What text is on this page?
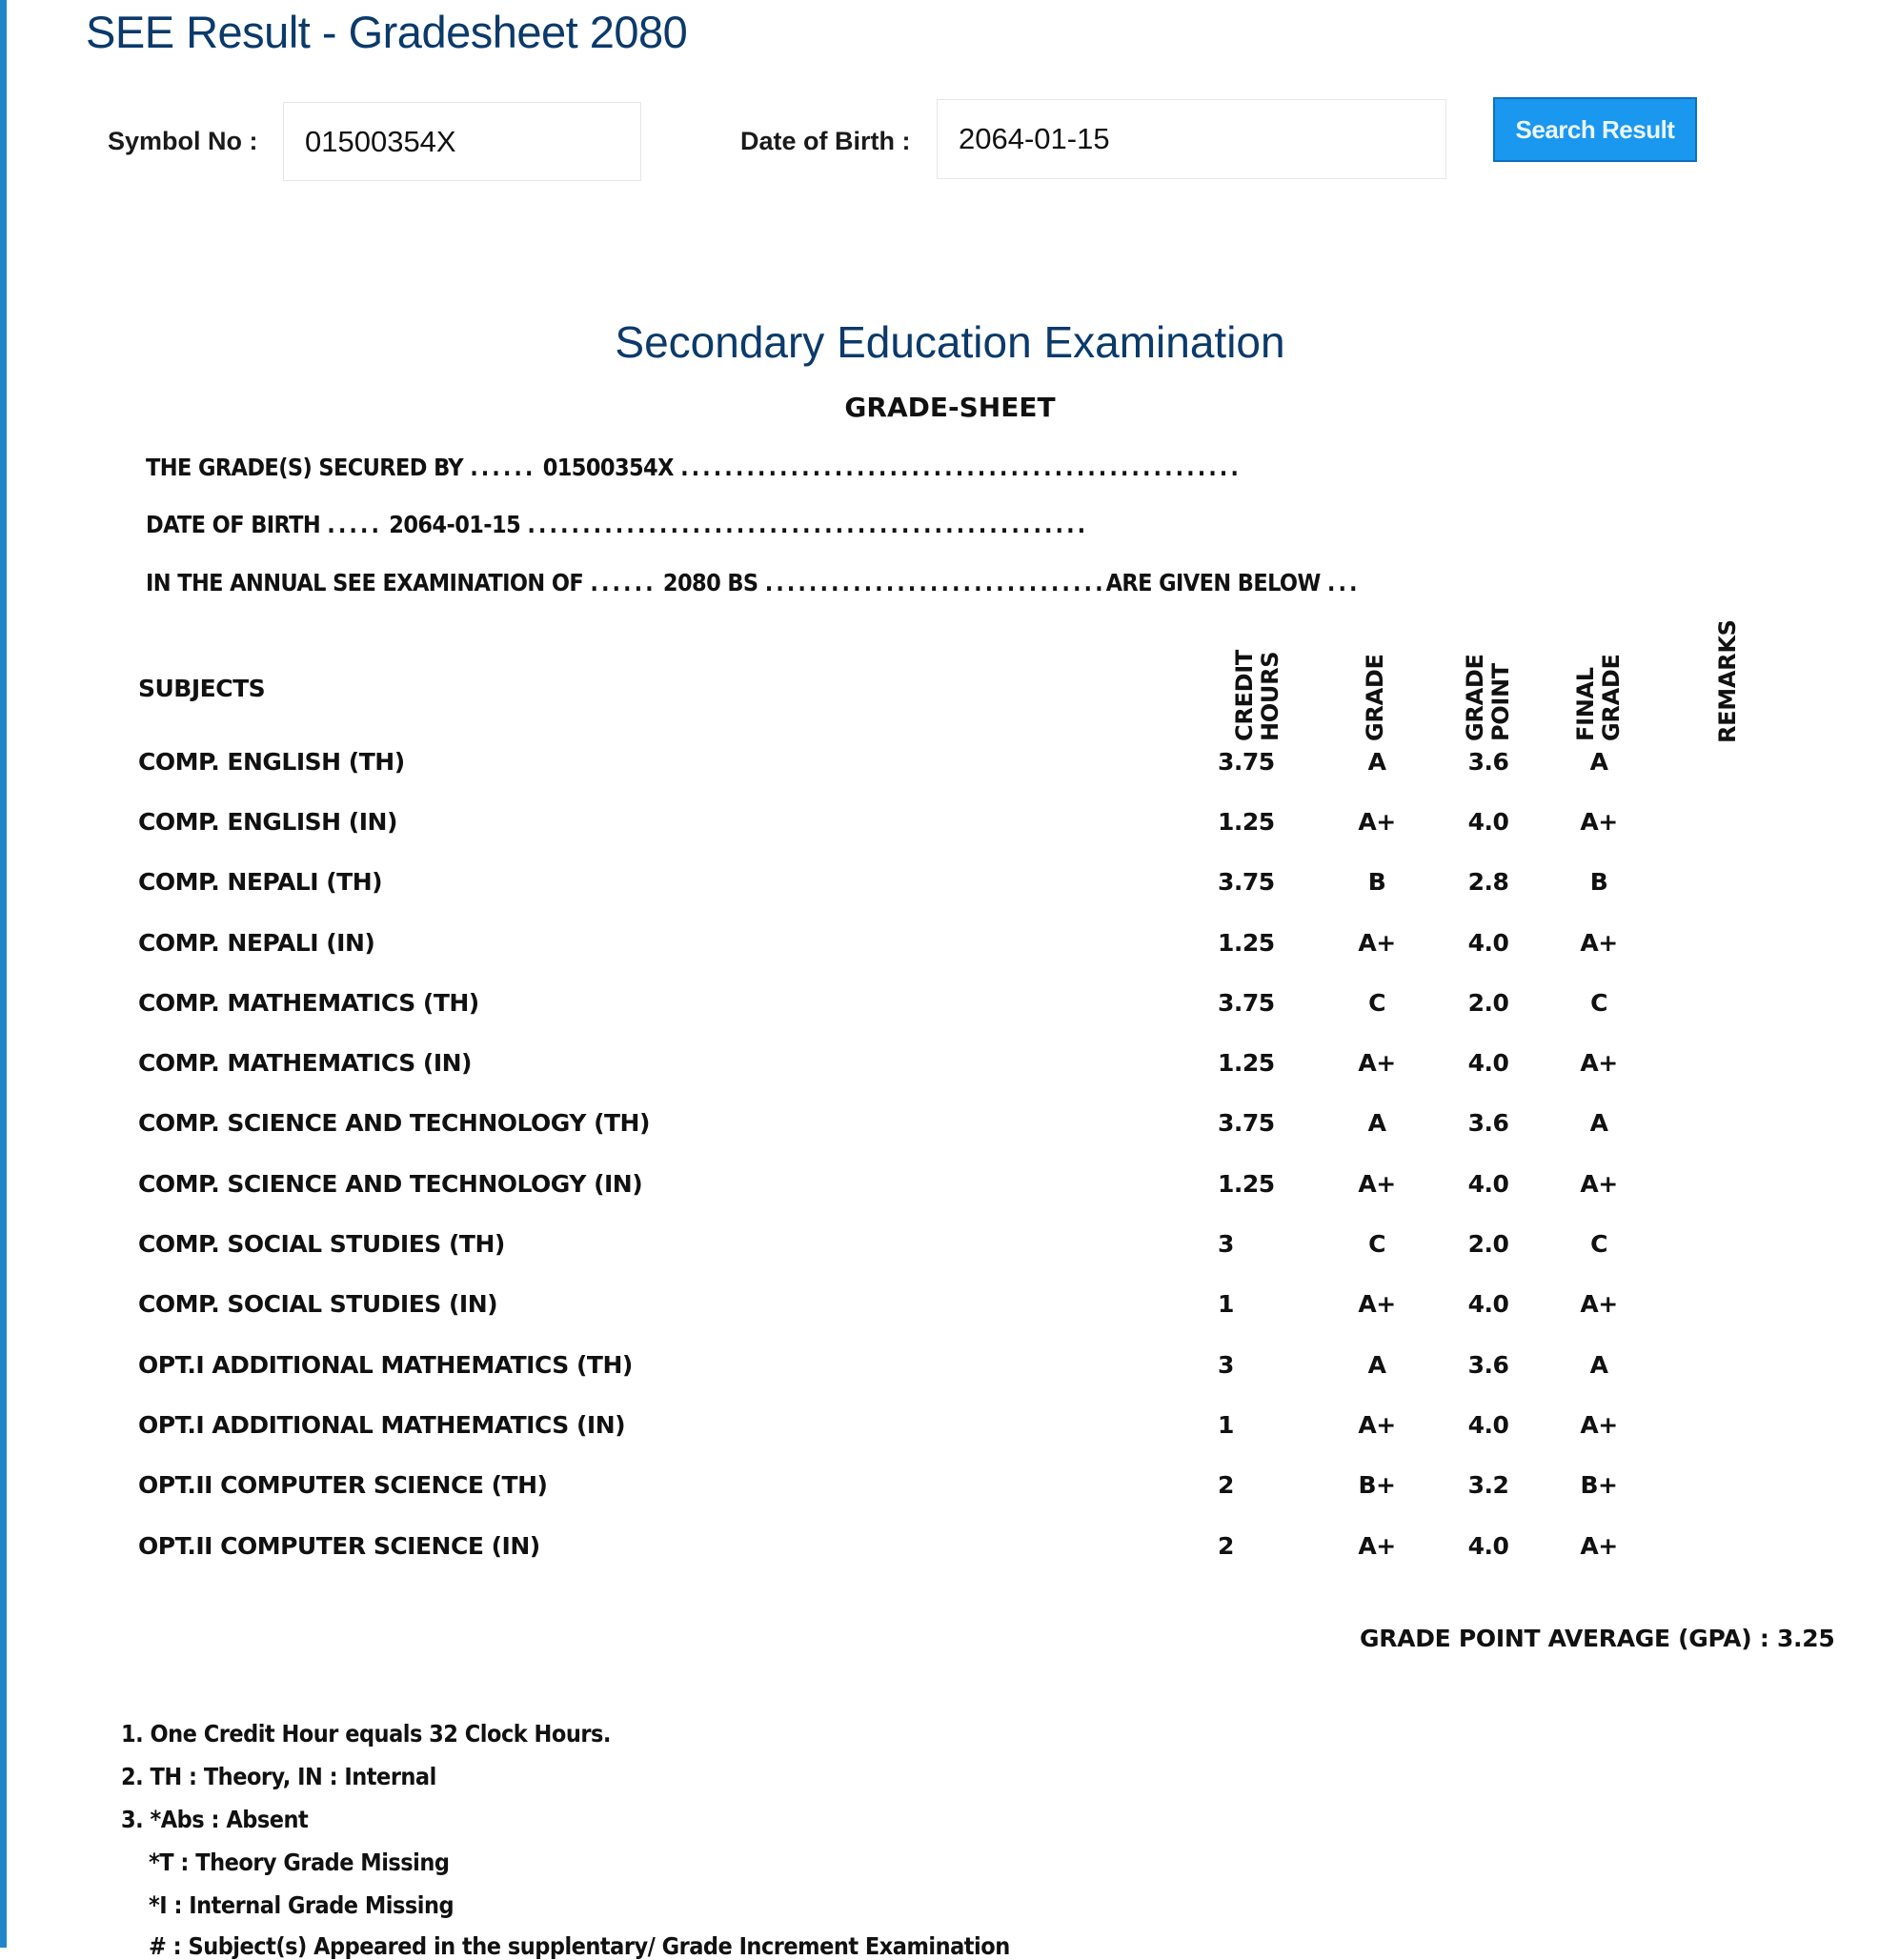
SEE Result - Gradesheet 2080
Symbol No : 01500354X	Date of Birth : 2064-01-15	Search Result
Secondary Education Examination
GRADE-SHEET
THE GRADE(S) SECURED BY ...... 01500354X ...................................................
DATE OF BIRTH ..... 2064-01-15 ...................................................
IN THE ANNUAL SEE EXAMINATION OF ...... 2080 BS ...............................ARE GIVEN BELOW ...
SUBJECTS	CREDIT HOURS	GRADE	GRADE POINT	FINAL GRADE	REMARKS
COMP. ENGLISH (TH)	3.75	A	3.6	A
COMP. ENGLISH (IN)	1.25	A+	4.0	A+
COMP. NEPALI (TH)	3.75	B	2.8	B
COMP. NEPALI (IN)	1.25	A+	4.0	A+
COMP. MATHEMATICS (TH)	3.75	C	2.0	C
COMP. MATHEMATICS (IN)	1.25	A+	4.0	A+
COMP. SCIENCE AND TECHNOLOGY (TH)	3.75	A	3.6	A
COMP. SCIENCE AND TECHNOLOGY (IN)	1.25	A+	4.0	A+
COMP. SOCIAL STUDIES (TH)	3	C	2.0	C
COMP. SOCIAL STUDIES (IN)	1	A+	4.0	A+
OPT.I ADDITIONAL MATHEMATICS (TH)	3	A	3.6	A
OPT.I ADDITIONAL MATHEMATICS (IN)	1	A+	4.0	A+
OPT.II COMPUTER SCIENCE (TH)	2	B+	3.2	B+
OPT.II COMPUTER SCIENCE (IN)	2	A+	4.0	A+
GRADE POINT AVERAGE (GPA) : 3.25
1. One Credit Hour equals 32 Clock Hours.
2. TH : Theory, IN : Internal
3. *Abs : Absent
*T : Theory Grade Missing
*I : Internal Grade Missing
# : Subject(s) Appeared in the supplentary/ Grade Increment Examination
